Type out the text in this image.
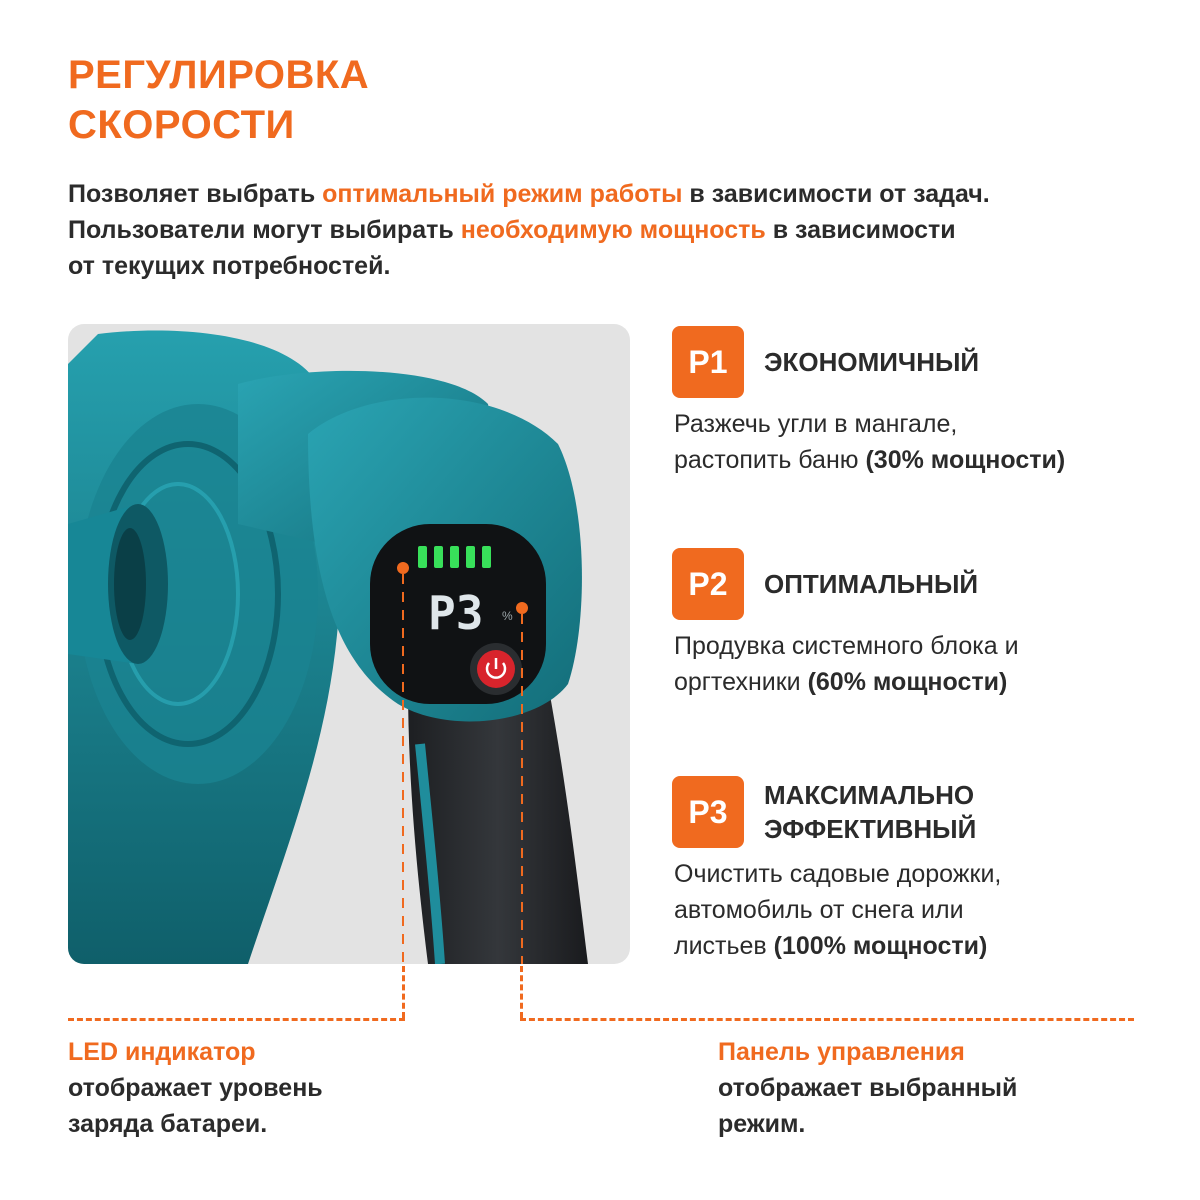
РЕГУЛИРОВКА
СКОРОСТИ
Позволяет выбрать оптимальный режим работы в зависимости от задач.
Пользователи могут выбирать необходимую мощность в зависимости
от текущих потребностей.
P3 %
P1	ЭКОНОМИЧНЫЙ
Разжечь угли в мангале,
растопить баню (30% мощности)
P2	ОПТИМАЛЬНЫЙ
Продувка системного блока и
оргтехники (60% мощности)
P3	МАКСИМАЛЬНО
ЭФФЕКТИВНЫЙ
Очистить садовые дорожки,
автомобиль от снега или
листьев (100% мощности)
LED индикатор
отображает уровень
заряда батареи.
Панель управления
отображает выбранный
режим.
